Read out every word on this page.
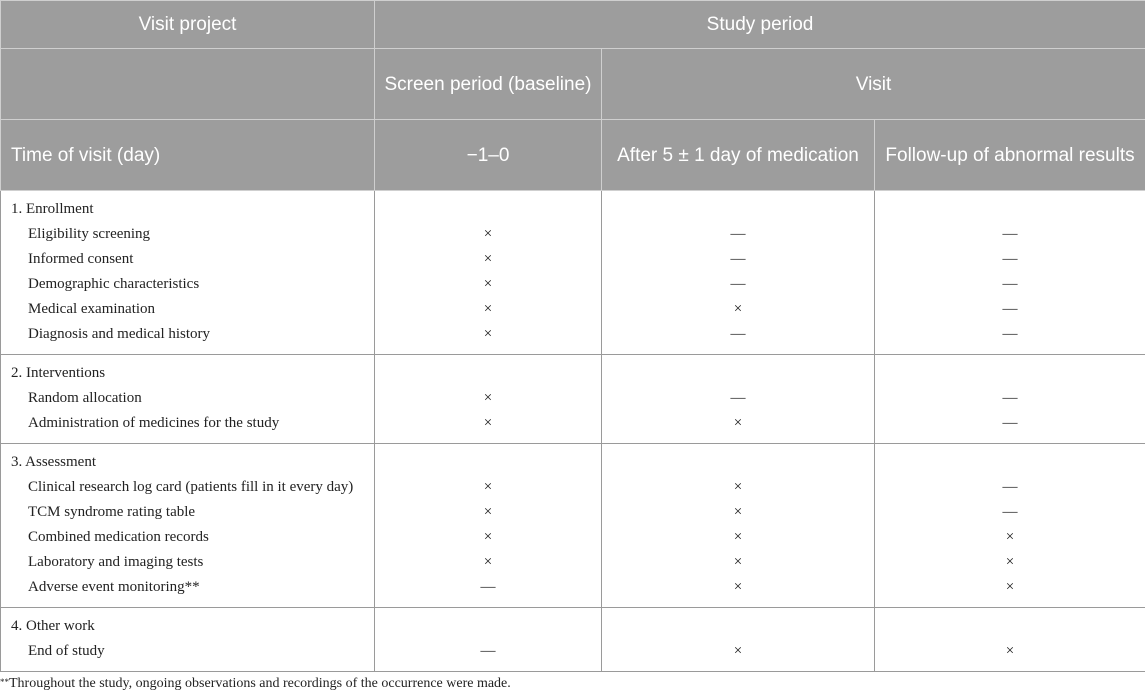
Visit project	Study period		
	Screen period (baseline)	Visit	
Time of visit (day)	−1–0	After 5 ± 1 day of medication	Follow-up of abnormal results
1. Enrollment			
Eligibility screening	×	—	—
Informed consent	×	—	—
Demographic characteristics	×	—	—
Medical examination	×	×	—
Diagnosis and medical history	×	—	—
2. Interventions			
Random allocation	×	—	—
Administration of medicines for the study	×	×	—
3. Assessment			
Clinical research log card (patients fill in it every day)	×	×	—
TCM syndrome rating table	×	×	—
Combined medication records	×	×	×
Laboratory and imaging tests	×	×	×
Adverse event monitoring**	—	×	×
4. Other work			
End of study	—	×	×
**Throughout the study, ongoing observations and recordings of the occurrence were made.
